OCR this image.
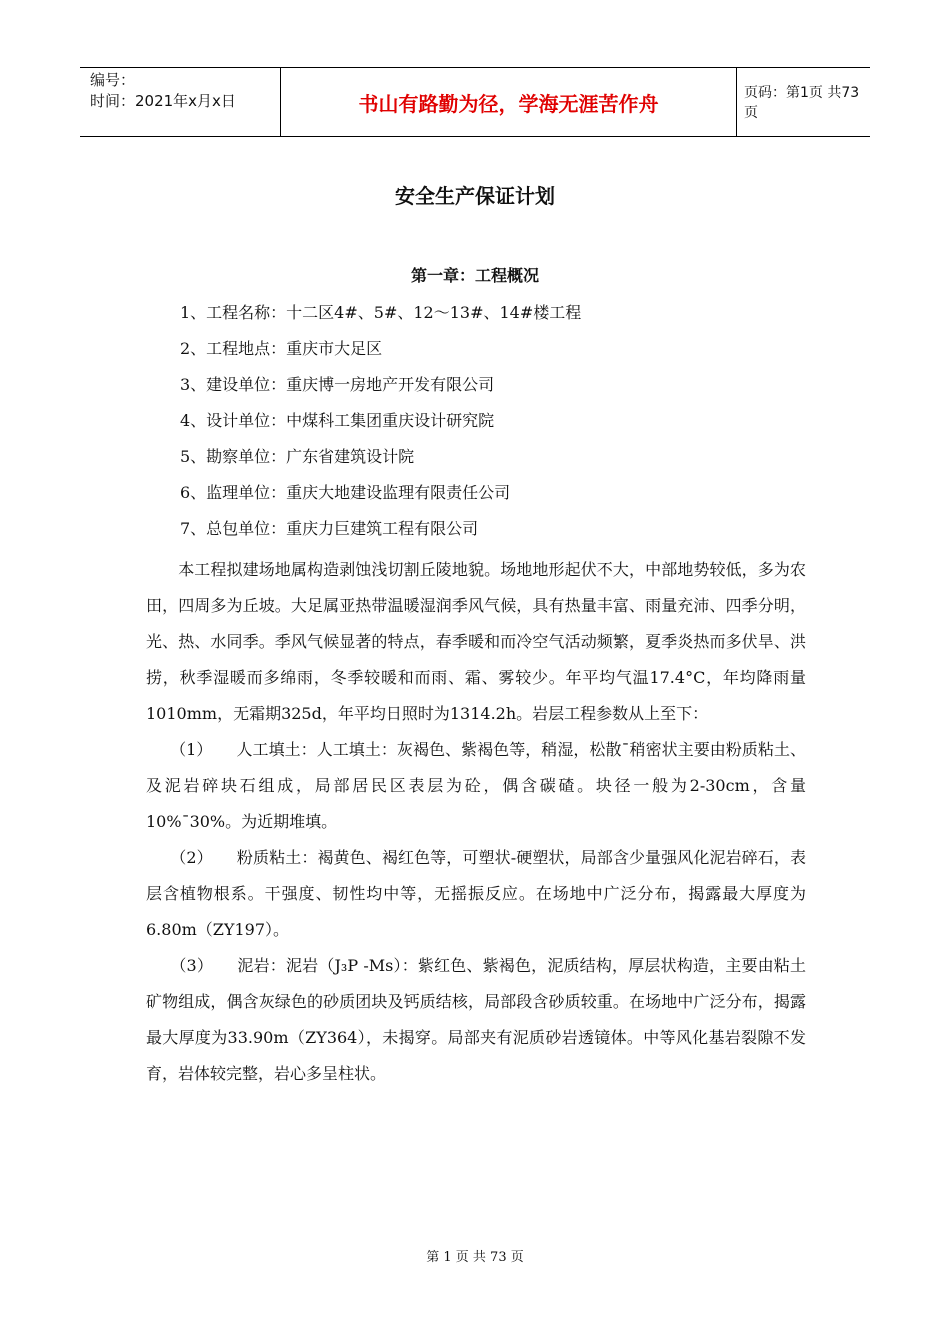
编号：
时间：2021年x月x日	书山有路勤为径，学海无涯苦作舟	页码：第1页 共73页
安全生产保证计划
第一章：工程概况
1、工程名称：十二区4#、5#、12～13#、14#楼工程
2、工程地点：重庆市大足区
3、建设单位：重庆博一房地产开发有限公司
4、设计单位：中煤科工集团重庆设计研究院
5、勘察单位：广东省建筑设计院
6、监理单位：重庆大地建设监理有限责任公司
7、总包单位：重庆力巨建筑工程有限公司

　　本工程拟建场地属构造剥蚀浅切割丘陵地貌。场地地形起伏不大，中部地势较低，多为农田，四周多为丘坡。大足属亚热带温暖湿润季风气候，具有热量丰富、雨量充沛、四季分明，光、热、水同季。季风气候显著的特点，春季暖和而冷空气活动频繁，夏季炎热而多伏旱、洪捞，秋季湿暖而多绵雨，冬季较暖和而雨、霜、雾较少。年平均气温17.4°C，年均降雨量1010mm，无霜期325d，年平均日照时为1314.2h。岩层工程参数从上至下：

　　（1）　　人工填土：人工填土：灰褐色、紫褐色等，稍湿，松散¯稍密状主要由粉质粘土、及泥岩碎块石组成，局部居民区表层为砼，偶含碳碴。块径一般为2-30cm，含量10%¯30%。为近期堆填。

　　（2）　　粉质粘土：褐黄色、褐红色等，可塑状-硬塑状，局部含少量强风化泥岩碎石，表层含植物根系。干强度、韧性均中等，无摇振反应。在场地中广泛分布，揭露最大厚度为6.80m（ZY197）。

　　（3）　　泥岩：泥岩（J₃P -Ms）：紫红色、紫褐色，泥质结构，厚层状构造，主要由粘土矿物组成，偶含灰绿色的砂质团块及钙质结核，局部段含砂质较重。在场地中广泛分布，揭露最大厚度为33.90m（ZY364），未揭穿。局部夹有泥质砂岩透镜体。中等风化基岩裂隙不发育，岩体较完整，岩心多呈柱状。

第 1 页 共 73 页
